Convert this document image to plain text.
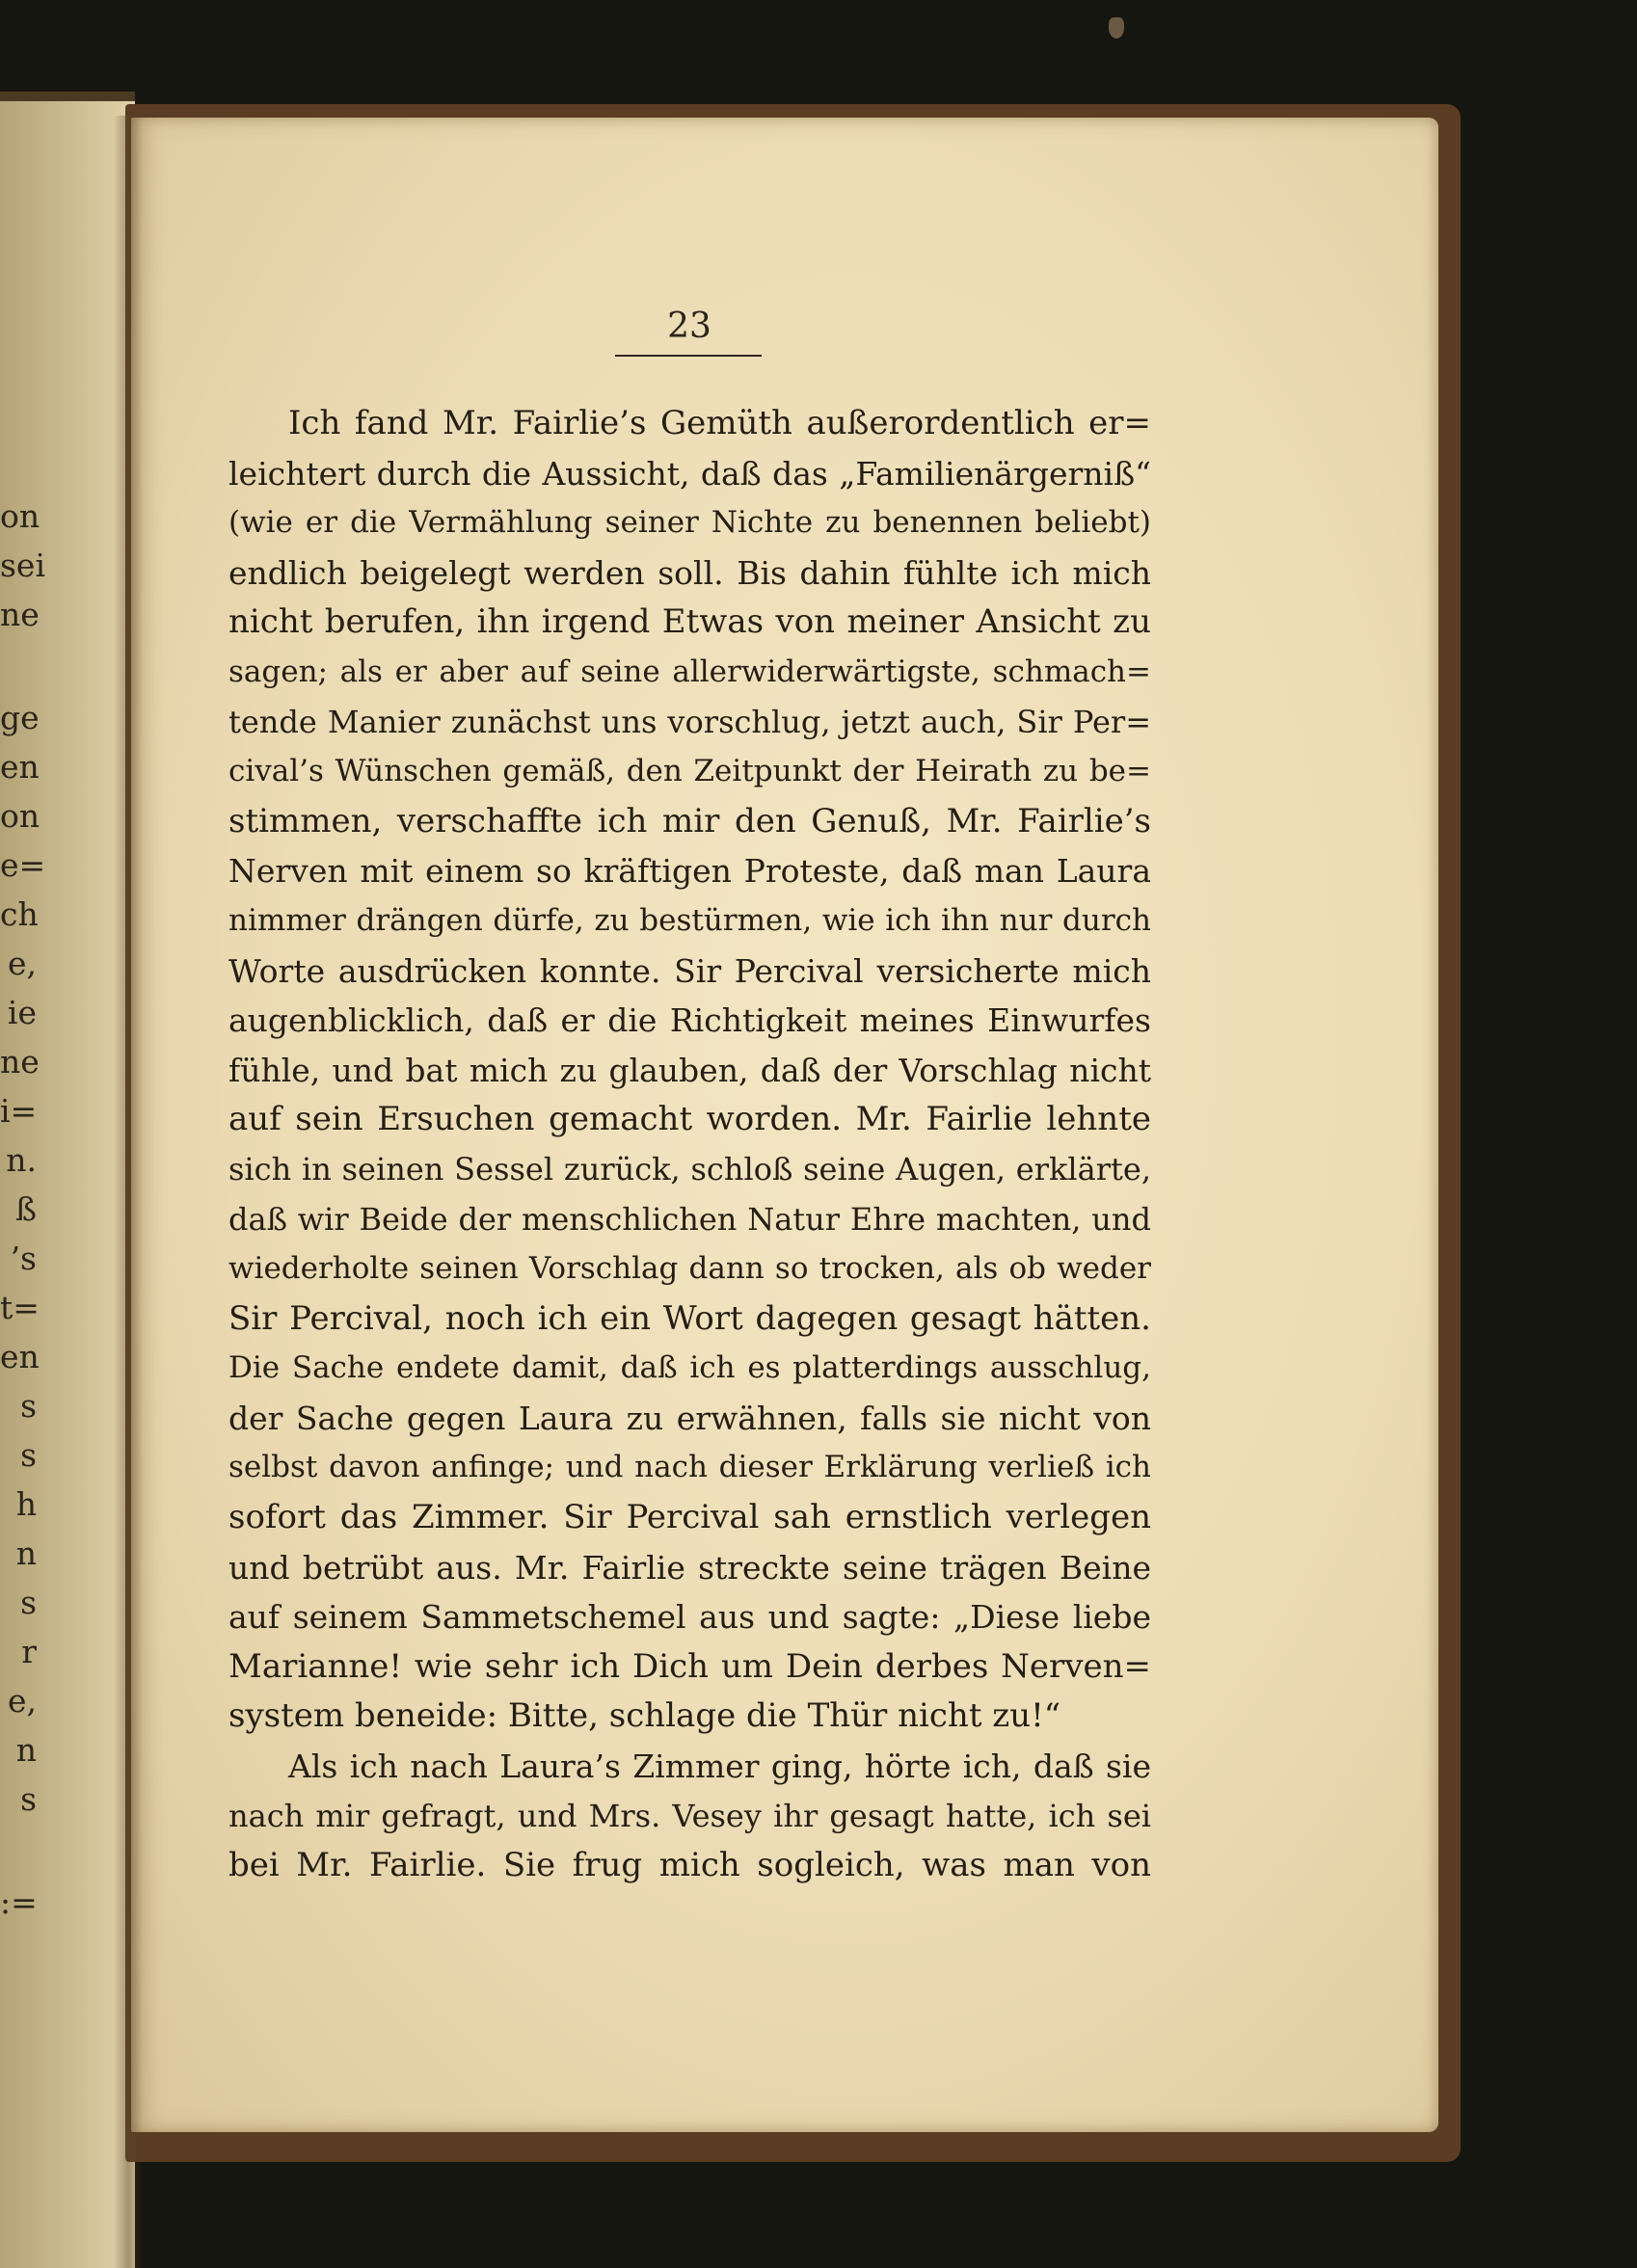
on
sei
ne
ge
en
on
e=
ch
e,
ie
ne
i=
n.
ß
’s
t=
en
s
s
h
n
s
r
e,
n
s
:=
23
Ich fand Mr. Fairlie’s Gemüth außerordentlich er=
leichtert durch die Aussicht, daß das „Familienärgerniß“
(wie er die Vermählung seiner Nichte zu benennen beliebt)
endlich beigelegt werden soll. Bis dahin fühlte ich mich
nicht berufen, ihn irgend Etwas von meiner Ansicht zu
sagen; als er aber auf seine allerwiderwärtigste, schmach=
tende Manier zunächst uns vorschlug, jetzt auch, Sir Per=
cival’s Wünschen gemäß, den Zeitpunkt der Heirath zu be=
stimmen, verschaffte ich mir den Genuß, Mr. Fairlie’s
Nerven mit einem so kräftigen Proteste, daß man Laura
nimmer drängen dürfe, zu bestürmen, wie ich ihn nur durch
Worte ausdrücken konnte. Sir Percival versicherte mich
augenblicklich, daß er die Richtigkeit meines Einwurfes
fühle, und bat mich zu glauben, daß der Vorschlag nicht
auf sein Ersuchen gemacht worden. Mr. Fairlie lehnte
sich in seinen Sessel zurück, schloß seine Augen, erklärte,
daß wir Beide der menschlichen Natur Ehre machten, und
wiederholte seinen Vorschlag dann so trocken, als ob weder
Sir Percival, noch ich ein Wort dagegen gesagt hätten.
Die Sache endete damit, daß ich es platterdings ausschlug,
der Sache gegen Laura zu erwähnen, falls sie nicht von
selbst davon anfinge; und nach dieser Erklärung verließ ich
sofort das Zimmer. Sir Percival sah ernstlich verlegen
und betrübt aus. Mr. Fairlie streckte seine trägen Beine
auf seinem Sammetschemel aus und sagte: „Diese liebe
Marianne! wie sehr ich Dich um Dein derbes Nerven=
system beneide: Bitte, schlage die Thür nicht zu!“
Als ich nach Laura’s Zimmer ging, hörte ich, daß sie
nach mir gefragt, und Mrs. Vesey ihr gesagt hatte, ich sei
bei Mr. Fairlie. Sie frug mich sogleich, was man von
